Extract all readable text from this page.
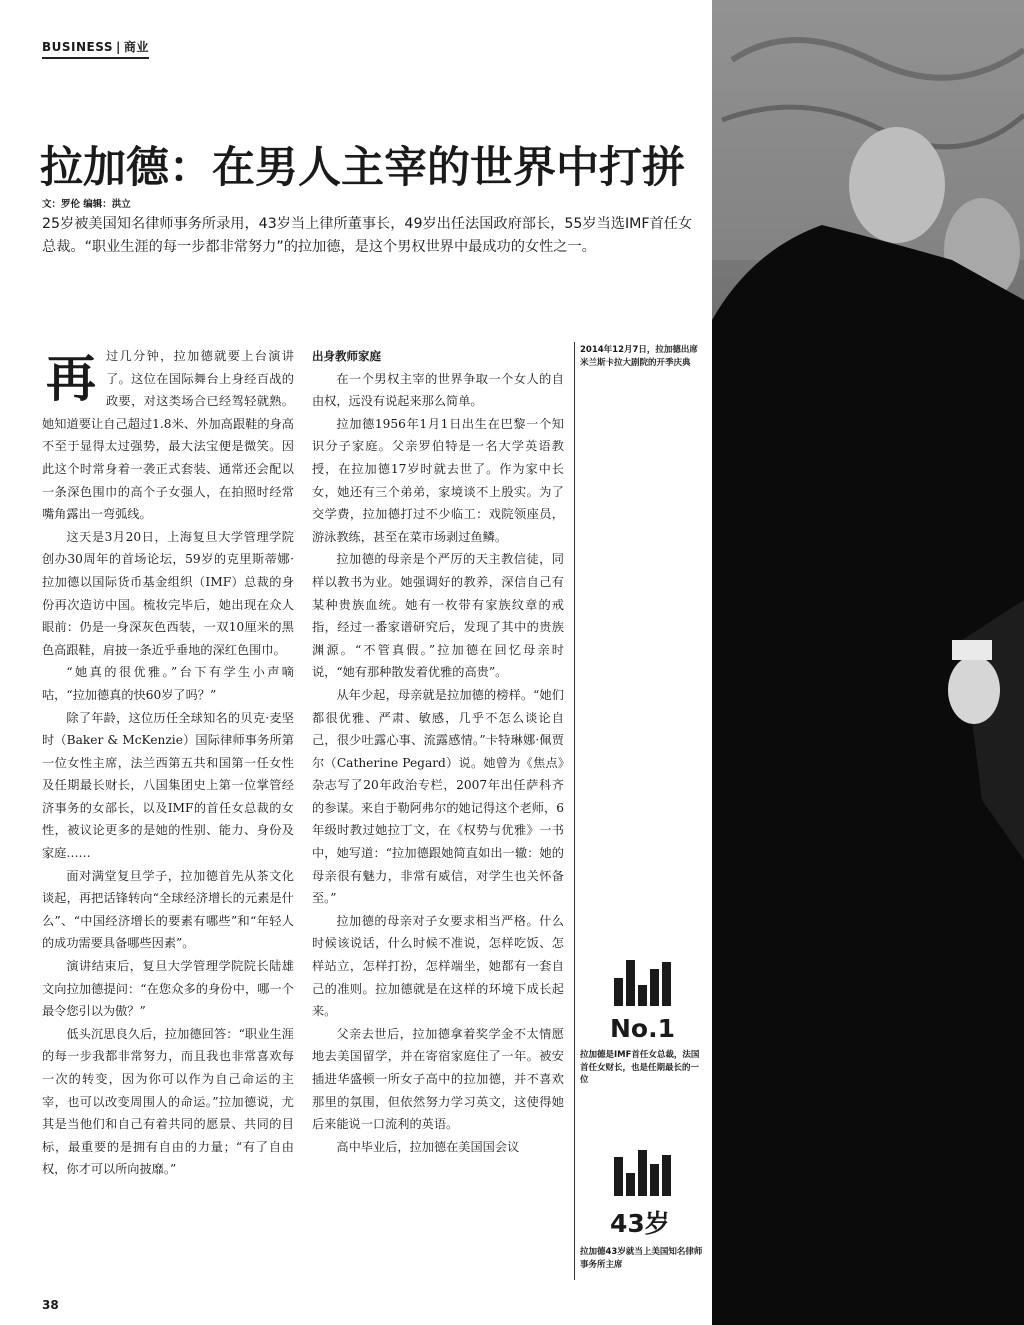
BUSINESS | 商业
拉加德：在男人主宰的世界中打拼
文：罗伦 编辑：洪立

25岁被美国知名律师事务所录用，43岁当上律所董事长，49岁出任法国政府部长，55岁当选IMF首任女总裁。“职业生涯的每一步都非常努力”的拉加德，是这个男权世界中最成功的女性之一。

再过几分钟，拉加德就要上台演讲了。这位在国际舞台上身经百战的政要，对这类场合已经驾轻就熟。她知道要让自己超过1.8米、外加高跟鞋的身高不至于显得太过强势，最大法宝便是微笑。因此这个时常身着一袭正式套装、通常还会配以一条深色围巾的高个子女强人，在拍照时经常嘴角露出一弯弧线。

这天是3月20日，上海复旦大学管理学院创办30周年的首场论坛，59岁的克里斯蒂娜·拉加德以国际货币基金组织（IMF）总裁的身份再次造访中国。梳妆完毕后，她出现在众人眼前：仍是一身深灰色西装，一双10厘米的黑色高跟鞋，肩披一条近乎垂地的深红色围巾。

“她真的很优雅。”台下有学生小声嘀咕，“拉加德真的快60岁了吗？”

除了年龄，这位历任全球知名的贝克·麦坚时（Baker & McKenzie）国际律师事务所第一位女性主席，法兰西第五共和国第一任女性及任期最长财长，八国集团史上第一位掌管经济事务的女部长，以及IMF的首任女总裁的女性，被议论更多的是她的性别、能力、身份及家庭……

面对满堂复旦学子，拉加德首先从茶文化谈起，再把话锋转向“全球经济增长的元素是什么”、“中国经济增长的要素有哪些”和“年轻人的成功需要具备哪些因素”。

演讲结束后，复旦大学管理学院院长陆雄文向拉加德提问：“在您众多的身份中，哪一个最令您引以为傲？”

低头沉思良久后，拉加德回答：“职业生涯的每一步我都非常努力，而且我也非常喜欢每一次的转变，因为你可以作为自己命运的主宰，也可以改变周围人的命运。”拉加德说，尤其是当他们和自己有着共同的愿景、共同的目标，最重要的是拥有自由的力量；“有了自由权，你才可以所向披靡。”

出身教师家庭

在一个男权主宰的世界争取一个女人的自由权，远没有说起来那么简单。

拉加德1956年1月1日出生在巴黎一个知识分子家庭。父亲罗伯特是一名大学英语教授，在拉加德17岁时就去世了。作为家中长女，她还有三个弟弟，家境谈不上殷实。为了交学费，拉加德打过不少临工：戏院领座员，游泳教练，甚至在菜市场剥过鱼鳞。

拉加德的母亲是个严厉的天主教信徒，同样以教书为业。她强调好的教养，深信自己有某种贵族血统。她有一枚带有家族纹章的戒指，经过一番家谱研究后，发现了其中的贵族渊源。“不管真假。”拉加德在回忆母亲时说，“她有那种散发着优雅的高贵”。

从年少起，母亲就是拉加德的榜样。“她们都很优雅、严肃、敏感，几乎不怎么谈论自己，很少吐露心事、流露感情。”卡特琳娜·佩贾尔（Catherine Pegard）说。她曾为《焦点》杂志写了20年政治专栏，2007年出任萨科齐的参谋。来自于勒阿弗尔的她记得这个老师，6年级时教过她拉丁文，在《权势与优雅》一书中，她写道：“拉加德跟她简直如出一辙：她的母亲很有魅力，非常有威信，对学生也关怀备至。”

拉加德的母亲对子女要求相当严格。什么时候该说话，什么时候不准说，怎样吃饭、怎样站立，怎样打扮，怎样端坐，她都有一套自己的准则。拉加德就是在这样的环境下成长起来。

父亲去世后，拉加德拿着奖学金不太情愿地去美国留学，并在寄宿家庭住了一年。被安插进华盛顿一所女子高中的拉加德，并不喜欢那里的氛围，但依然努力学习英文，这使得她后来能说一口流利的英语。

高中毕业后，拉加德在美国国会议

2014年12月7日，拉加德出席米兰斯卡拉大剧院的开季庆典
No.1
拉加德是IMF首任女总裁，法国首任女财长，也是任期最长的一位
43岁
拉加德43岁就当上美国知名律师事务所主席
38
